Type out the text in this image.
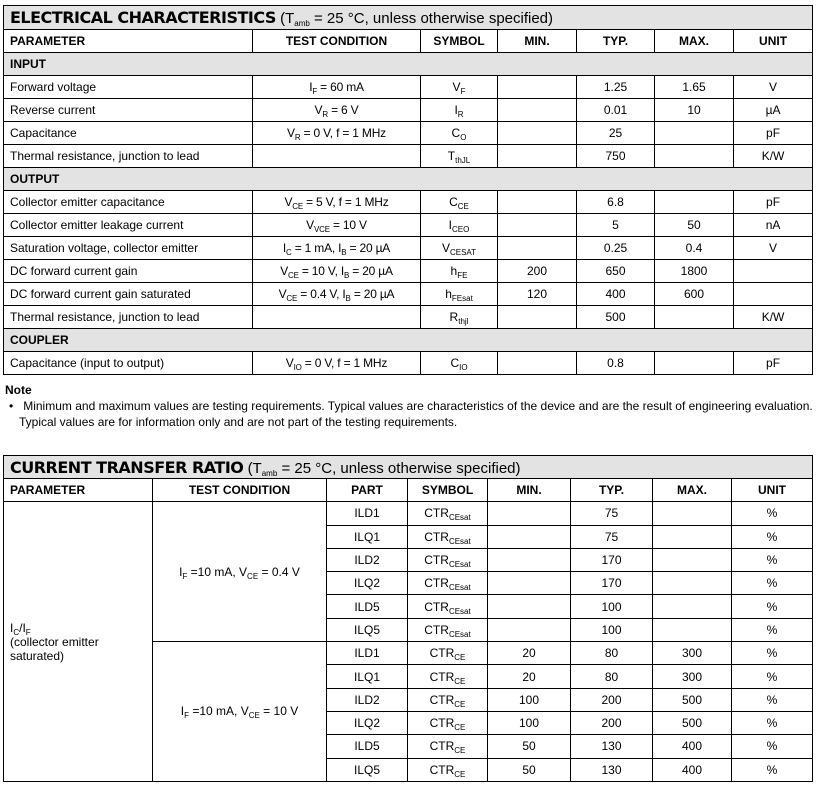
ELECTRICAL CHARACTERISTICS ($T_{amb} = 25$ °C, unless otherwise specified)						
PARAMETER	TEST CONDITION	SYMBOL	MIN.	TYP.	MAX.	UNIT
INPUT						
Forward voltage	$I_F = 60$ mA	$V_F$		1.25	1.65	V
Reverse current	$V_R = 6$ V	$I_R$		0.01	10	µA
Capacitance	$V_R = 0$ V, f = 1 MHz	$C_O$		25		pF
Thermal resistance, junction to lead		$T_{thJL}$		750		K/W
OUTPUT						
Collector emitter capacitance	$V_{CE} = 5$ V, f = 1 MHz	$C_{CE}$		6.8		pF
Collector emitter leakage current	$V_{VCE} = 10$ V	$I_{CEO}$		5	50	nA
Saturation voltage, collector emitter	$I_C = 1$ mA, $I_B = 20$ µA	$V_{CESAT}$		0.25	0.4	V
DC forward current gain	$V_{CE} = 10$ V, $I_B = 20$ µA	$h_{FE}$	200	650	1800	
DC forward current gain saturated	$V_{CE} = 0.4$ V, $I_B = 20$ µA	$h_{FEsat}$	120	400	600	
Thermal resistance, junction to lead		$R_{thjl}$		500		K/W
COUPLER						
Capacitance (input to output)	$V_{IO} = 0$ V, f = 1 MHz	$C_{IO}$		0.8		pF
Note
• Minimum and maximum values are testing requirements. Typical values are characteristics of the device and are the result of engineering evaluation. Typical values are for information only and are not part of the testing requirements.
CURRENT TRANSFER RATIO ($T_{amb} = 25$ °C, unless otherwise specified)							
PARAMETER	TEST CONDITION	PART	SYMBOL	MIN.	TYP.	MAX.	UNIT

$I_C/I_F$
(collector emitter
saturated)	$I_F =10$ mA, $V_{CE} = 0.4$ V	ILD1	$CTR_{CEsat}$		75		%
		ILQ1	$CTR_{CEsat}$		75		%
		ILD2	$CTR_{CEsat}$		170		%
		ILQ2	$CTR_{CEsat}$		170		%
		ILD5	$CTR_{CEsat}$		100		%
		ILQ5	$CTR_{CEsat}$		100		%
	$I_F =10$ mA, $V_{CE} = 10$ V	ILD1	$CTR_{CE}$	20	80	300	%
		ILQ1	$CTR_{CE}$	20	80	300	%
		ILD2	$CTR_{CE}$	100	200	500	%
		ILQ2	$CTR_{CE}$	100	200	500	%
		ILD5	$CTR_{CE}$	50	130	400	%
		ILQ5	$CTR_{CE}$	50	130	400	%
